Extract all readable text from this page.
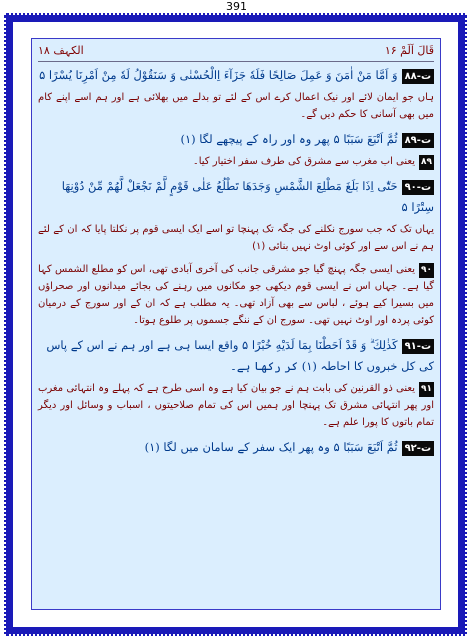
391
قَالَ اَلَمْ ۱۶
الکہف ۱۸
ت-۸۸وَ اَمَّا مَنْ اٰمَنَ وَ عَمِلَ صَالِحًا فَلَهٗ جَزَآءَ اِالْحُسْنٰی وَ سَنَقُوْلُ لَهٗ مِنْ اَمْرِنَا يُسْرًا ۵
ہاں جو ایمان لائے اور نیک اعمال کرے اس کے لئے تو بدلے میں بھلائی ہے اور ہم اسے اپنے کام میں بھی آسانی کا حکم دیں گے۔
ت-۸۹ثُمَّ اَتْبَعَ سَبَبًا ۵ پھر وہ اور راہ کے پیچھے لگا (۱)
۸۹یعنی اب مغرب سے مشرق کی طرف سفر اختیار کیا۔
ت-۹۰حَتّٰی اِذَا بَلَغَ مَطْلِعَ الشَّمْسِ وَجَدَهَا تَطْلُعُ عَلٰی قَوْمٍ لَّمْ نَجْعَلْ لَّهُمْ مِّنْ دُوْنِهَا سِتْرًا ۵
یہاں تک کہ جب سورج نکلنے کی جگہ تک پہنچا تو اسے ایک ایسی قوم پر نکلتا پایا کہ ان کے لئے ہم نے اس سے اور کوئی اوٹ نہیں بنائی (۱)
۹۰یعنی ایسی جگہ پہنچ گیا جو مشرقی جانب کی آخری آبادی تھی، اس کو مطلع الشمس کہا گیا ہے۔ جہاں اس نے ایسی قوم دیکھی جو مکانوں میں رہنے کی بجائے میدانوں اور صحراؤں میں بسیرا کیے ہوئے ، لباس سے بھی آزاد تھی۔ یہ مطلب ہے کہ ان کے اور سورج کے درمیان کوئی پردہ اور اوٹ نہیں تھی۔ سورج ان کے ننگے جسموں پر طلوع ہوتا۔
ت-۹۱كَذٰلِكَ ۗ وَ قَدْ اَحَطْنَا بِمَا لَدَيْهِ خُبْرًا ۵ واقع ایسا ہی ہے اور ہم نے اس کے پاس کی کل خبروں کا احاطہ (۱) کر رکھا ہے۔
۹۱یعنی ذو القرنین کی بابت ہم نے جو بیان کیا ہے وہ اسی طرح ہے کہ پہلے وہ انتہائی مغرب اور پھر انتہائی مشرق تک پہنچا اور ہمیں اس کی تمام صلاحیتوں ، اسباب و وسائل اور دیگر تمام باتوں کا پورا علم ہے۔
ت-۹۲ثُمَّ اَتْبَعَ سَبَبًا ۵ وہ پھر ایک سفر کے سامان میں لگا (۱)
